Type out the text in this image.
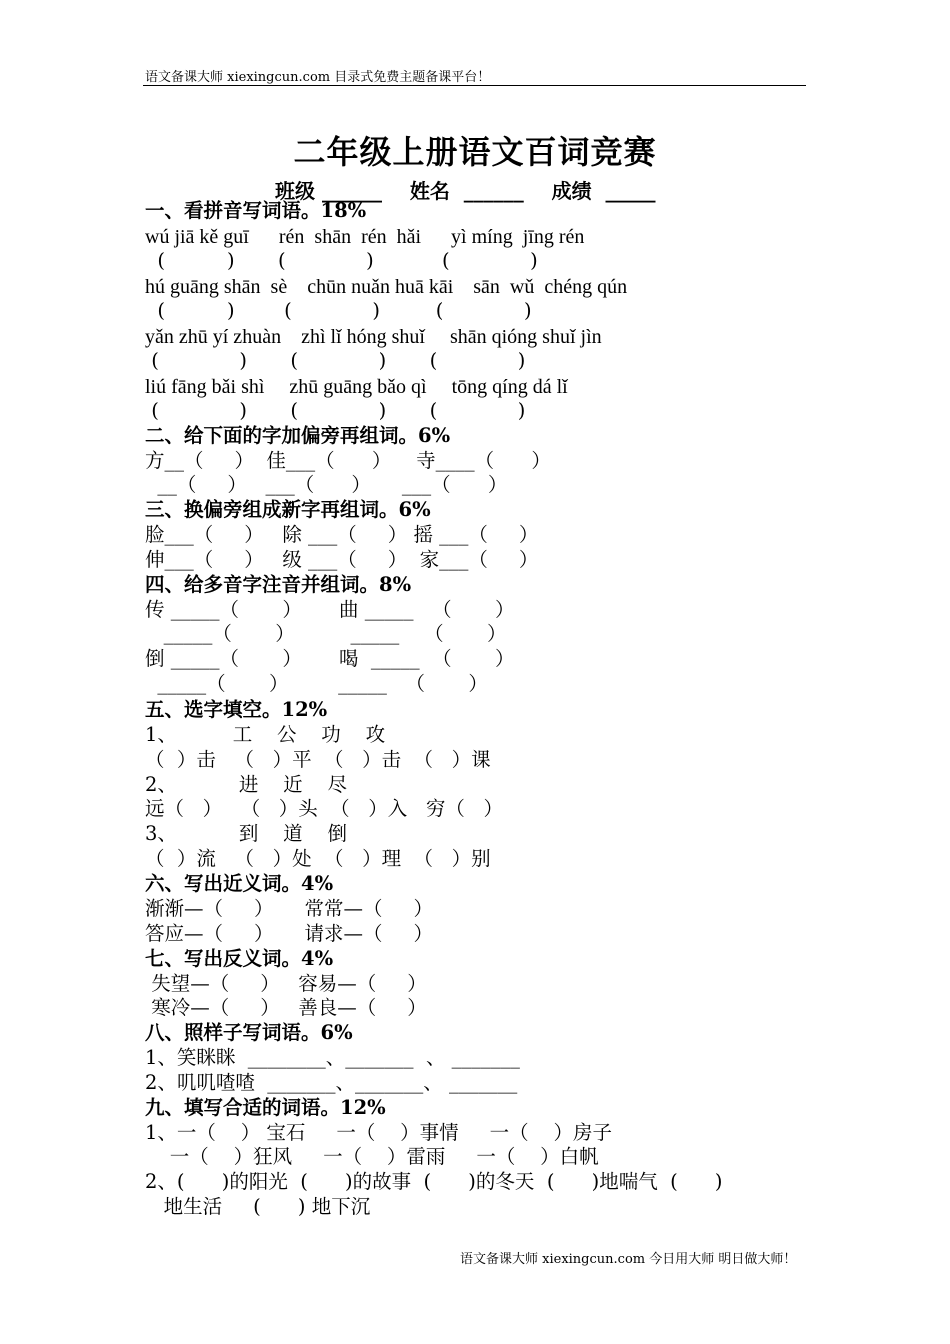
语文备课大师 xiexingcun.com 目录式免费主题备课平台！
二年级上册语文百词竞赛
班级 ______    姓名  ______    成绩  _____
一、看拼音写词语。18%
wú jiā kě guī      rén  shān  rén  hǎi      yì míng  jīng rén
(          )       (             )           (             )
hú guāng shān  sè    chūn nuǎn huā kāi    sān  wǔ  chéng qún
(          )        (             )         (             )
yǎn zhū yí zhuàn    zhì lǐ hóng shuǐ     shān qióng shuǐ jìn
(             )       (             )       (             )
liú fāng bǎi shì     zhū guāng bǎo qì     tōng qíng dá lǐ
(             )       (             )       (             )
二、给下面的字加偏旁再组词。6%
方__（     ）  佳___（      ）    寺____（      ）
__（     ）   ___（      ）     ___（      ）
三、换偏旁组成新字再组词。6%
脸___（     ）   除 ___（     ） 摇 ___（     ）
伸___（     ）   级 ___（     ）  家___（     ）
四、给多音字注音并组词。8%
传 _____（       ）      曲 _____   （       ）
_____（       ）         _____    （       ）
倒 _____（       ）      喝  _____  （       ）
_____（       ）        _____   （       ）
五、选字填空。12%
1、         工    公    功    攻
（  ）击   （   ）平  （   ）击  （   ）课
2、          进    近    尽
远（   ）   （   ）头  （   ）入   穷（   ）
3、          到    道    倒
（  ）流   （   ）处  （   ）理  （   ）别
六、写出近义词。4%
渐渐—（     ）     常常—（     ）
答应—（     ）     请求—（     ）
七、写出反义词。4%
失望—（     ）   容易—（     ）
寒冷—（     ）   善良—（     ）
八、照样子写词语。6%
1、笑眯眯  ________、_______  、 _______
2、叽叽喳喳  _______、_______、 _______
九、填写合适的词语。12%
1、一（    ） 宝石     一（    ）事情     一（    ）房子
一（    ）狂风     一（    ）雷雨     一（    ）白帆
2、(      )的阳光  (      )的故事  (      )的冬天  (      )地喘气  (      )
地生活     (      ) 地下沉
语文备课大师 xiexingcun.com 今日用大师 明日做大师！
